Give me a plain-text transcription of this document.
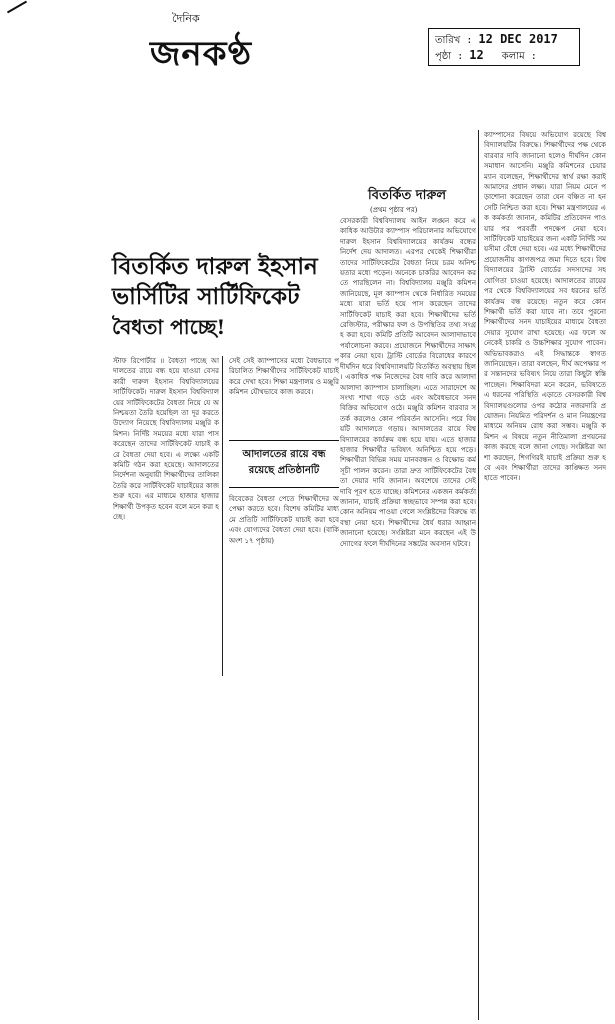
দৈনিক
জনকণ্ঠ	তারিখ : 12 DEC 2017
পৃষ্ঠা : 12 কলাম :
বিতর্কিত দারুল ইহসান
ভার্সিটির সার্টিফিকেট
বৈধতা পাচ্ছে!
স্টাফ রিপোর্টার ॥ বৈধতা পাচ্ছে আদালতের রায়ে বন্ধ হয়ে যাওয়া বেসরকারী দারুল ইহসান বিশ্ববিদ্যালয়ের সার্টিফিকেট। দারুল ইহসান বিশ্ববিদ্যালয়ের সার্টিফিকেটের বৈধতা নিয়ে যে অনিশ্চয়তা তৈরি হয়েছিল তা দূর করতে উদ্যোগ নিয়েছে বিশ্ববিদ্যালয় মঞ্জুরি কমিশন। নির্দিষ্ট সময়ের মধ্যে যারা পাস করেছেন তাদের সার্টিফিকেট যাচাই করে বৈধতা দেয়া হবে। এ লক্ষ্যে একটি কমিটি গঠন করা হয়েছে। আদালতের নির্দেশনা অনুযায়ী শিক্ষার্থীদের তালিকা তৈরি করে সার্টিফিকেট যাচাইয়ের কাজ শুরু হবে। এর মাধ্যমে হাজার হাজার শিক্ষার্থী উপকৃত হবেন বলে মনে করা হচ্ছে।
সেই সেই ক্যাম্পাসের মধ্যে বৈধভাবে পরিচালিত শিক্ষার্থীদের সার্টিফিকেট যাচাই করে দেখা হবে। শিক্ষা মন্ত্রণালয় ও মঞ্জুরি কমিশন যৌথভাবে কাজ করবে।
আদালতের রায়ে বন্ধ রয়েছে প্রতিষ্ঠানটি
বিবেকের বৈধতা পেতে শিক্ষার্থীদের অপেক্ষা করতে হবে। বিশেষ কমিটির মাধ্যমে প্রতিটি সার্টিফিকেট যাচাই করা হবে এবং যোগ্যদের বৈধতা দেয়া হবে। (বাকি অংশ ১৭ পৃষ্ঠায়)
বিতর্কিত দারুল
(প্রথম পৃষ্ঠার পর)
বেসরকারী বিশ্ববিদ্যালয় আইন লঙ্ঘন করে একাধিক আউটার ক্যাম্পাস পরিচালনার অভিযোগে দারুল ইহসান বিশ্ববিদ্যালয়ের কার্যক্রম বন্ধের নির্দেশ দেয় আদালত। এরপর থেকেই শিক্ষার্থীরা তাদের সার্টিফিকেটের বৈধতা নিয়ে চরম অনিশ্চয়তার মধ্যে পড়েন। অনেকে চাকরির আবেদন করতে পারছিলেন না। বিশ্ববিদ্যালয় মঞ্জুরি কমিশন জানিয়েছে, মূল ক্যাম্পাস থেকে নির্ধারিত সময়ের মধ্যে যারা ভর্তি হয়ে পাস করেছেন তাদের সার্টিফিকেট যাচাই করা হবে। শিক্ষার্থীদের ভর্তি রেজিস্টার, পরীক্ষার ফল ও উপস্থিতির তথ্য সংগ্রহ করা হবে। কমিটি প্রতিটি আবেদন আলাদাভাবে পর্যালোচনা করবে। প্রয়োজনে শিক্ষার্থীদের সাক্ষাৎকার নেয়া হবে। ট্রাস্টি বোর্ডের বিরোধের কারণে দীর্ঘদিন ধরে বিশ্ববিদ্যালয়টি বিতর্কিত অবস্থায় ছিল। একাধিক পক্ষ নিজেদের বৈধ দাবি করে আলাদা আলাদা ক্যাম্পাস চালাচ্ছিল। এতে সারাদেশে অসংখ্য শাখা গড়ে ওঠে এবং অবৈধভাবে সনদ বিক্রির অভিযোগ ওঠে। মঞ্জুরি কমিশন বারবার সতর্ক করলেও কোন পরিবর্তন আসেনি। পরে বিষয়টি আদালতে গড়ায়। আদালতের রায়ে বিশ্ববিদ্যালয়ের কার্যক্রম বন্ধ হয়ে যায়। এতে হাজার হাজার শিক্ষার্থীর ভবিষ্যৎ অনিশ্চিত হয়ে পড়ে। শিক্ষার্থীরা বিভিন্ন সময় মানববন্ধন ও বিক্ষোভ কর্মসূচী পালন করেন। তারা দ্রুত সার্টিফিকেটের বৈধতা দেয়ার দাবি জানান। অবশেষে তাদের সেই দাবি পূরণ হতে যাচ্ছে। কমিশনের একজন কর্মকর্তা জানান, যাচাই প্রক্রিয়া স্বচ্ছভাবে সম্পন্ন করা হবে। কোন অনিয়ম পাওয়া গেলে সংশ্লিষ্টদের বিরুদ্ধে ব্যবস্থা নেয়া হবে। শিক্ষার্থীদের ধৈর্য ধরার আহ্বান জানানো হয়েছে। সংশ্লিষ্টরা মনে করছেন এই উদ্যোগের ফলে দীর্ঘদিনের সঙ্কটের অবসান ঘটবে।
ক্যাম্পাসের বিষয়ে অভিযোগ রয়েছে বিশ্ববিদ্যালয়টির বিরুদ্ধে। শিক্ষার্থীদের পক্ষ থেকে বারবার দাবি জানানো হলেও দীর্ঘদিন কোন সমাধান আসেনি। মঞ্জুরি কমিশনের চেয়ারম্যান বলেছেন, শিক্ষার্থীদের স্বার্থ রক্ষা করাই আমাদের প্রধান লক্ষ্য। যারা নিয়ম মেনে পড়াশোনা করেছেন তারা যেন বঞ্চিত না হন সেটি নিশ্চিত করা হবে। শিক্ষা মন্ত্রণালয়ের এক কর্মকর্তা জানান, কমিটির প্রতিবেদন পাওয়ার পর পরবর্তী পদক্ষেপ নেয়া হবে। সার্টিফিকেট যাচাইয়ের জন্য একটি নির্দিষ্ট সময়সীমা বেঁধে দেয়া হবে। এর মধ্যে শিক্ষার্থীদের প্রয়োজনীয় কাগজপত্র জমা দিতে হবে। বিশ্ববিদ্যালয়ের ট্রাস্টি বোর্ডের সদস্যদের সহযোগিতা চাওয়া হয়েছে। আদালতের রায়ের পর থেকে বিশ্ববিদ্যালয়ের সব ধরনের ভর্তি কার্যক্রম বন্ধ রয়েছে। নতুন করে কোন শিক্ষার্থী ভর্তি করা যাবে না। তবে পুরনো শিক্ষার্থীদের সনদ যাচাইয়ের মাধ্যমে বৈধতা দেয়ার সুযোগ রাখা হয়েছে। এর ফলে অনেকেই চাকরি ও উচ্চশিক্ষার সুযোগ পাবেন। অভিভাবকরাও এই সিদ্ধান্তকে স্বাগত জানিয়েছেন। তারা বলছেন, দীর্ঘ অপেক্ষার পর সন্তানদের ভবিষ্যৎ নিয়ে তারা কিছুটা স্বস্তি পাচ্ছেন। শিক্ষাবিদরা মনে করেন, ভবিষ্যতে এ ধরনের পরিস্থিতি এড়াতে বেসরকারী বিশ্ববিদ্যালয়গুলোর ওপর কঠোর নজরদারি প্রয়োজন। নিয়মিত পরিদর্শন ও মান নিয়ন্ত্রণের মাধ্যমে অনিয়ম রোধ করা সম্ভব। মঞ্জুরি কমিশন এ বিষয়ে নতুন নীতিমালা প্রণয়নের কাজ করছে বলে জানা গেছে। সংশ্লিষ্টরা আশা করছেন, শিগগিরই যাচাই প্রক্রিয়া শুরু হবে এবং শিক্ষার্থীরা তাদের কাঙ্ক্ষিত সনদ হাতে পাবেন।
